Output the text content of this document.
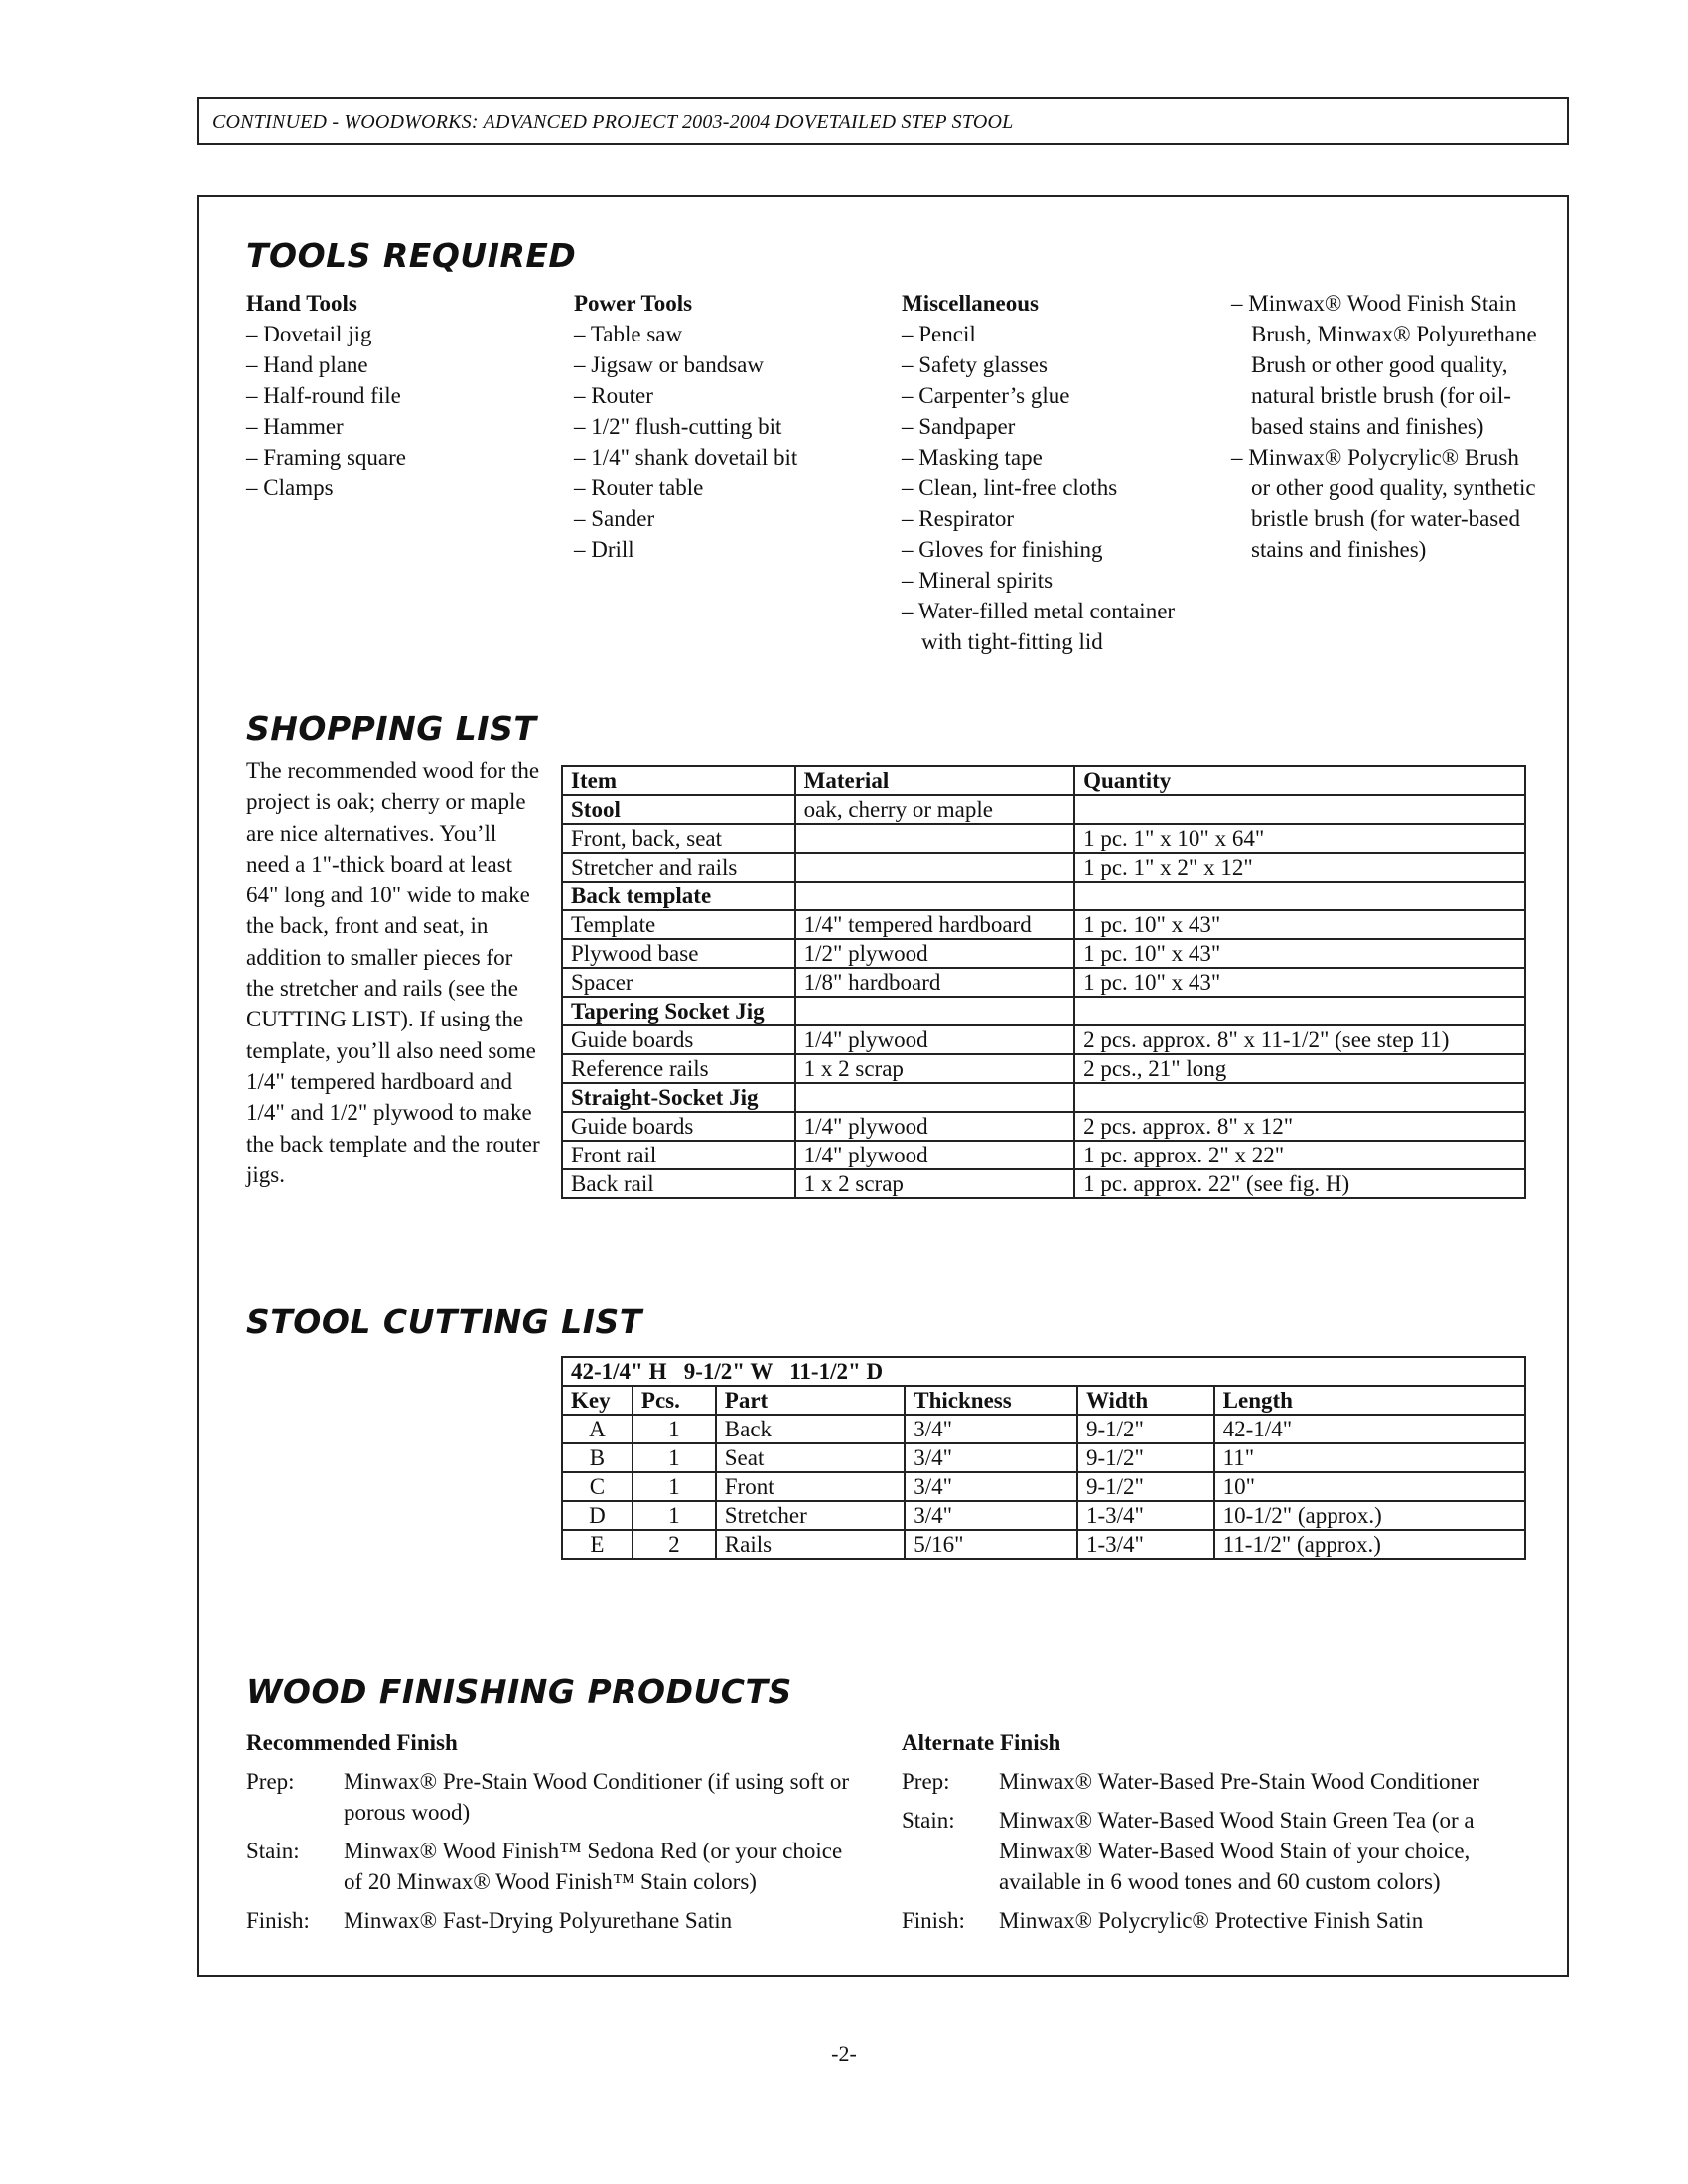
CONTINUED - WOODWORKS: ADVANCED PROJECT 2003-2004 DOVETAILED STEP STOOL
TOOLS REQUIRED
Hand Tools
– Dovetail jig
– Hand plane
– Half-round file
– Hammer
– Framing square
– Clamps
Power Tools
– Table saw
– Jigsaw or bandsaw
– Router
– 1/2" flush-cutting bit
– 1/4" shank dovetail bit
– Router table
– Sander
– Drill
Miscellaneous
– Pencil
– Safety glasses
– Carpenter’s glue
– Sandpaper
– Masking tape
– Clean, lint-free cloths
– Respirator
– Gloves for finishing
– Mineral spirits
– Water-filled metal container with tight-fitting lid
– Minwax® Wood Finish Stain Brush, Minwax® Polyurethane Brush or other good quality, natural bristle brush (for oil-based stains and finishes)
– Minwax® Polycrylic® Brush or other good quality, synthetic bristle brush (for water-based stains and finishes)
SHOPPING LIST

The recommended wood for the project is oak; cherry or maple are nice alternatives. You’ll need a 1"-thick board at least 64" long and 10" wide to make the back, front and seat, in addition to smaller pieces for the stretcher and rails (see the CUTTING LIST). If using the template, you’ll also need some 1/4" tempered hardboard and 1/4" and 1/2" plywood to make the back template and the router jigs.

Item	Material	Quantity
Stool	oak, cherry or maple	
Front, back, seat		1 pc. 1" x 10" x 64"
Stretcher and rails		1 pc. 1" x 2" x 12"
Back template		
Template	1/4" tempered hardboard	1 pc. 10" x 43"
Plywood base	1/2" plywood	1 pc. 10" x 43"
Spacer	1/8" hardboard	1 pc. 10" x 43"
Tapering Socket Jig		
Guide boards	1/4" plywood	2 pcs. approx. 8" x 11-1/2" (see step 11)
Reference rails	1 x 2 scrap	2 pcs., 21" long
Straight-Socket Jig		
Guide boards	1/4" plywood	2 pcs. approx. 8" x 12"
Front rail	1/4" plywood	1 pc. approx. 2" x 22"
Back rail	1 x 2 scrap	1 pc. approx. 22" (see fig. H)
STOOL CUTTING LIST
42-1/4" H   9-1/2" W   11-1/2" D					
Key	Pcs.	Part	Thickness	Width	Length
A	1	Back	3/4"	9-1/2"	42-1/4"
B	1	Seat	3/4"	9-1/2"	11"
C	1	Front	3/4"	9-1/2"	10"
D	1	Stretcher	3/4"	1-3/4"	10-1/2" (approx.)
E	2	Rails	5/16"	1-3/4"	11-1/2" (approx.)
WOOD FINISHING PRODUCTS
Recommended Finish
Prep:	Minwax® Pre-Stain Wood Conditioner (if using soft or porous wood)
Stain:	Minwax® Wood Finish™ Sedona Red (or your choice of 20 Minwax® Wood Finish™ Stain colors)
Finish:	Minwax® Fast-Drying Polyurethane Satin
Alternate Finish
Prep:	Minwax® Water-Based Pre-Stain Wood Conditioner
Stain:	Minwax® Water-Based Wood Stain Green Tea (or a Minwax® Water-Based Wood Stain of your choice, available in 6 wood tones and 60 custom colors)
Finish:	Minwax® Polycrylic® Protective Finish Satin
-2-
